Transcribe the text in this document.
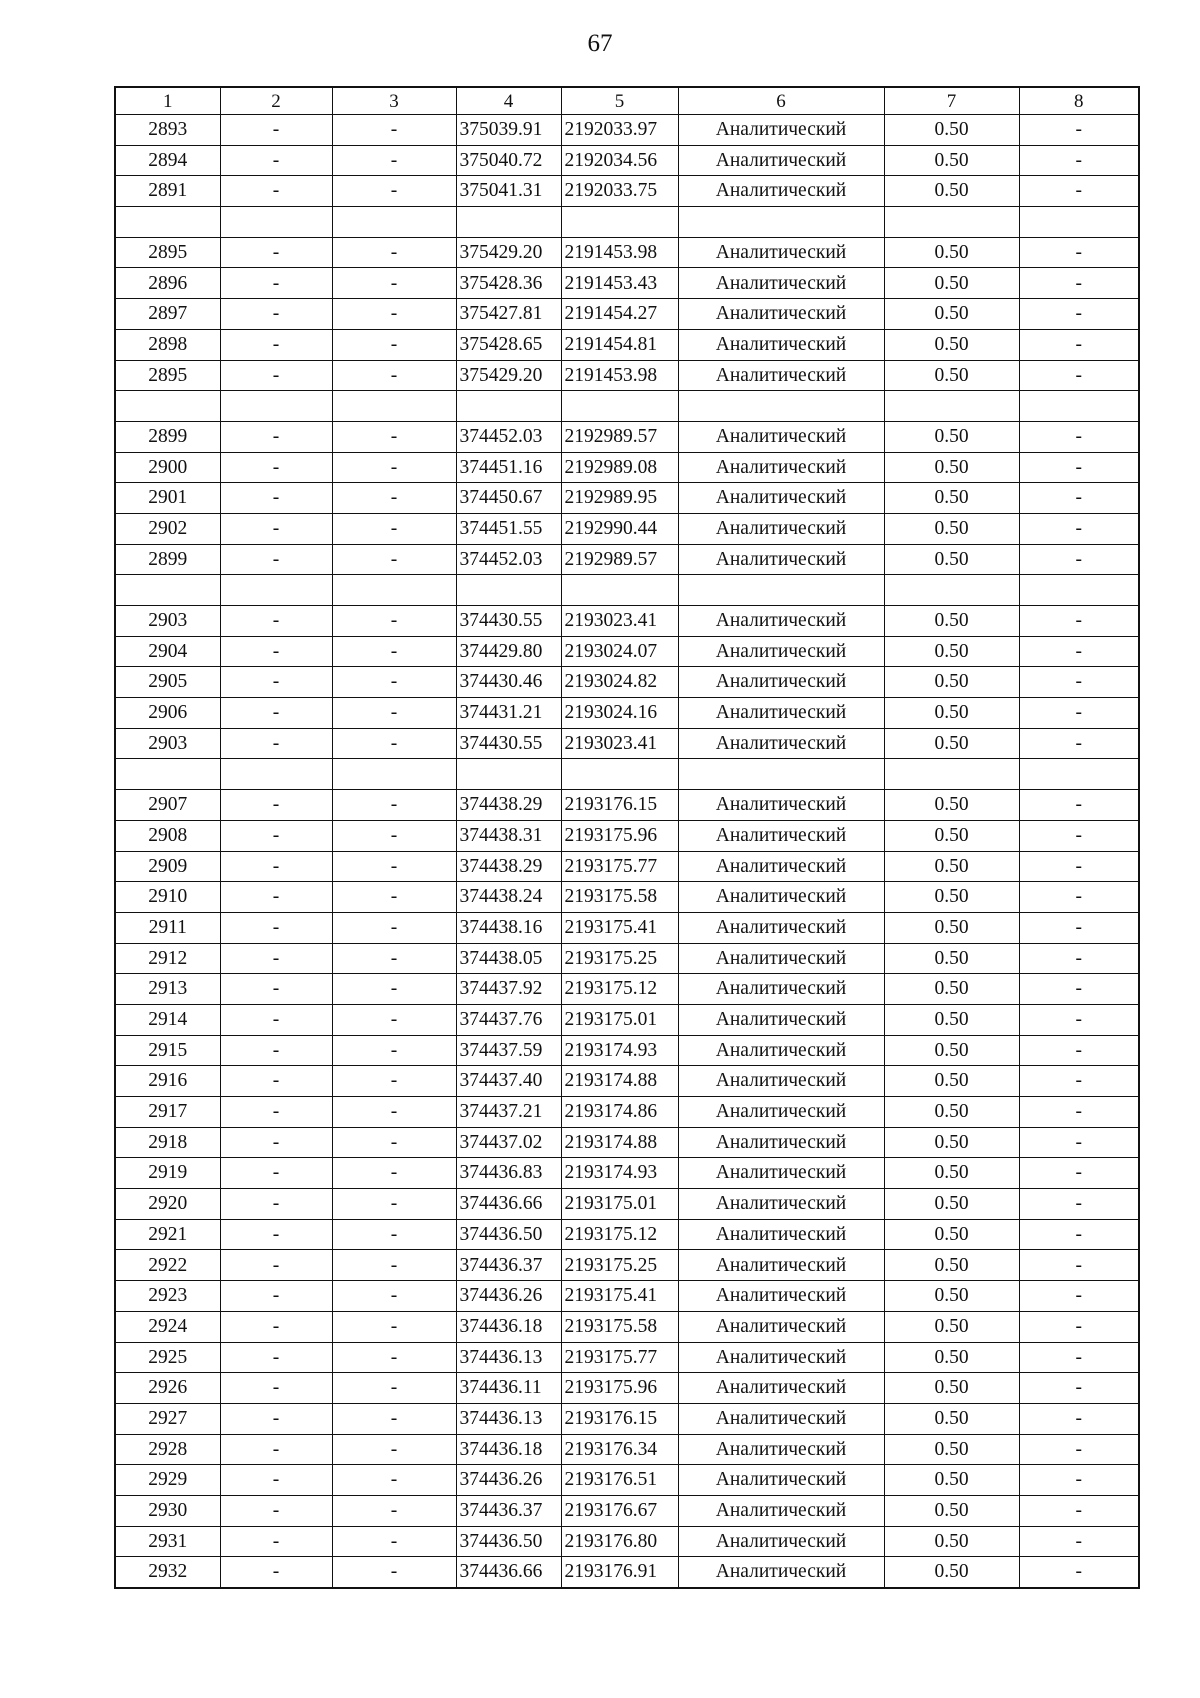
67
1	2	3	4	5	6	7	8
2893	-	-	375039.91	2192033.97	Аналитический	0.50	-
2894	-	-	375040.72	2192034.56	Аналитический	0.50	-
2891	-	-	375041.31	2192033.75	Аналитический	0.50	-

2895	-	-	375429.20	2191453.98	Аналитический	0.50	-
2896	-	-	375428.36	2191453.43	Аналитический	0.50	-
2897	-	-	375427.81	2191454.27	Аналитический	0.50	-
2898	-	-	375428.65	2191454.81	Аналитический	0.50	-
2895	-	-	375429.20	2191453.98	Аналитический	0.50	-

2899	-	-	374452.03	2192989.57	Аналитический	0.50	-
2900	-	-	374451.16	2192989.08	Аналитический	0.50	-
2901	-	-	374450.67	2192989.95	Аналитический	0.50	-
2902	-	-	374451.55	2192990.44	Аналитический	0.50	-
2899	-	-	374452.03	2192989.57	Аналитический	0.50	-

2903	-	-	374430.55	2193023.41	Аналитический	0.50	-
2904	-	-	374429.80	2193024.07	Аналитический	0.50	-
2905	-	-	374430.46	2193024.82	Аналитический	0.50	-
2906	-	-	374431.21	2193024.16	Аналитический	0.50	-
2903	-	-	374430.55	2193023.41	Аналитический	0.50	-

2907	-	-	374438.29	2193176.15	Аналитический	0.50	-
2908	-	-	374438.31	2193175.96	Аналитический	0.50	-
2909	-	-	374438.29	2193175.77	Аналитический	0.50	-
2910	-	-	374438.24	2193175.58	Аналитический	0.50	-
2911	-	-	374438.16	2193175.41	Аналитический	0.50	-
2912	-	-	374438.05	2193175.25	Аналитический	0.50	-
2913	-	-	374437.92	2193175.12	Аналитический	0.50	-
2914	-	-	374437.76	2193175.01	Аналитический	0.50	-
2915	-	-	374437.59	2193174.93	Аналитический	0.50	-
2916	-	-	374437.40	2193174.88	Аналитический	0.50	-
2917	-	-	374437.21	2193174.86	Аналитический	0.50	-
2918	-	-	374437.02	2193174.88	Аналитический	0.50	-
2919	-	-	374436.83	2193174.93	Аналитический	0.50	-
2920	-	-	374436.66	2193175.01	Аналитический	0.50	-
2921	-	-	374436.50	2193175.12	Аналитический	0.50	-
2922	-	-	374436.37	2193175.25	Аналитический	0.50	-
2923	-	-	374436.26	2193175.41	Аналитический	0.50	-
2924	-	-	374436.18	2193175.58	Аналитический	0.50	-
2925	-	-	374436.13	2193175.77	Аналитический	0.50	-
2926	-	-	374436.11	2193175.96	Аналитический	0.50	-
2927	-	-	374436.13	2193176.15	Аналитический	0.50	-
2928	-	-	374436.18	2193176.34	Аналитический	0.50	-
2929	-	-	374436.26	2193176.51	Аналитический	0.50	-
2930	-	-	374436.37	2193176.67	Аналитический	0.50	-
2931	-	-	374436.50	2193176.80	Аналитический	0.50	-
2932	-	-	374436.66	2193176.91	Аналитический	0.50	-
